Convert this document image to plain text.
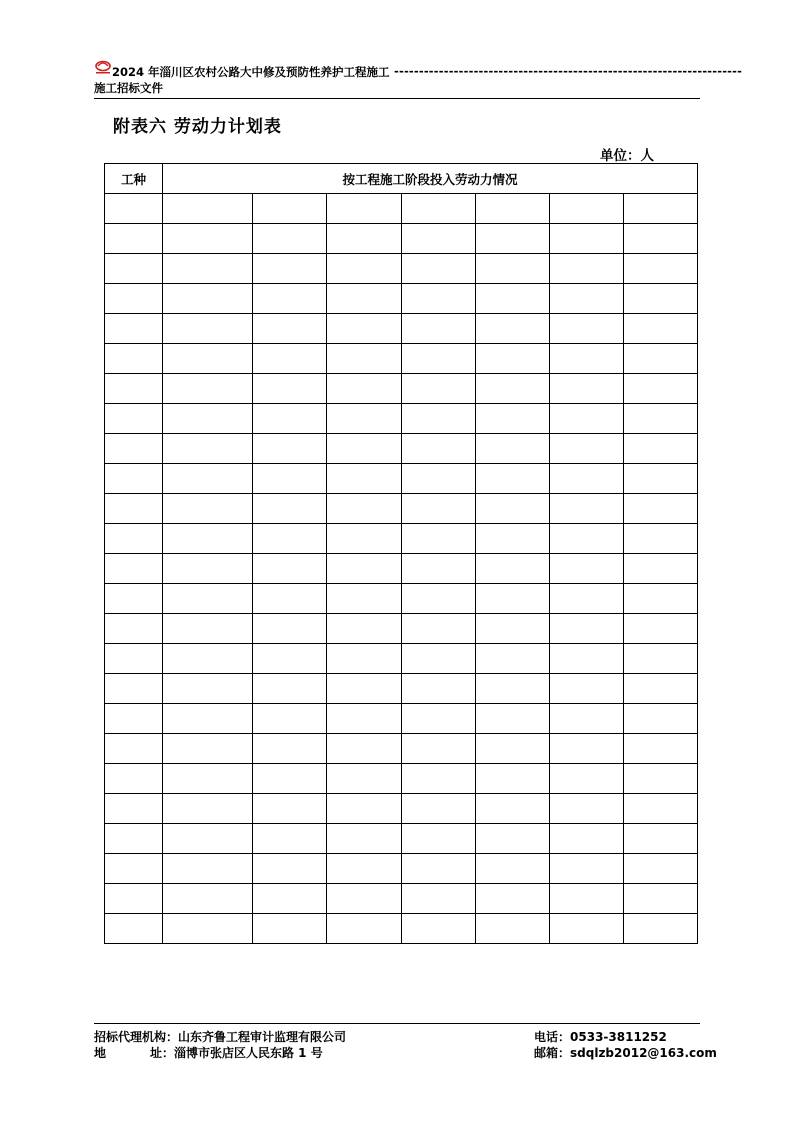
2024 年淄川区农村公路大中修及预防性养护工程施工 ----------------------------------------------------------------------
施工招标文件
附表六 劳动力计划表
单位：人
工种	按工程施工阶段投入劳动力情况						

招标代理机构：山东齐鲁工程审计监理有限公司
地	址： 淄博市张店区人民东路 1 号
电话：0533-3811252
邮箱：sdqlzb2012@163.com
